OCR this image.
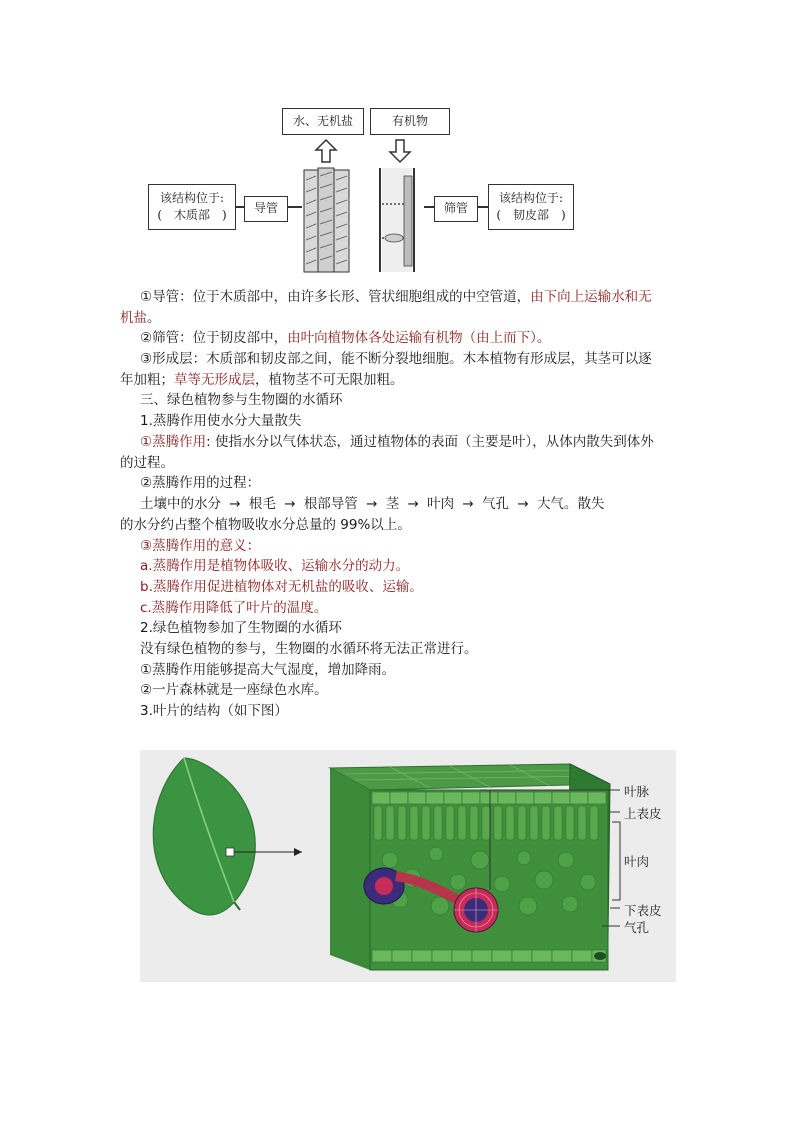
水、无机盐	有机物
该结构位于:
(　木质部　)	导管	筛管
该结构位于:
(　韧皮部　)
①导管：位于木质部中，由许多长形、管状细胞组成的中空管道，由下向上运输水和无
机盐。
②筛管：位于韧皮部中，由叶向植物体各处运输有机物（由上而下）。
③形成层：木质部和韧皮部之间，能不断分裂地细胞。木本植物有形成层，其茎可以逐
年加粗；草等无形成层，植物茎不可无限加粗。
三、绿色植物参与生物圈的水循环
1.蒸腾作用使水分大量散失
①蒸腾作用: 使指水分以气体状态，通过植物体的表面（主要是叶），从体内散失到体外
的过程。
②蒸腾作用的过程：
土壤中的水分 → 根毛 → 根部导管 → 茎 → 叶肉 → 气孔 → 大气。散失
的水分约占整个植物吸收水分总量的 99%以上。
③蒸腾作用的意义：
a.蒸腾作用是植物体吸收、运输水分的动力。
b.蒸腾作用促进植物体对无机盐的吸收、运输。
c.蒸腾作用降低了叶片的温度。
2.绿色植物参加了生物圈的水循环
没有绿色植物的参与，生物圈的水循环将无法正常进行。
①蒸腾作用能够提高大气湿度，增加降雨。
②一片森林就是一座绿色水库。
3.叶片的结构（如下图）
叶脉
上表皮
叶肉
下表皮
气孔
